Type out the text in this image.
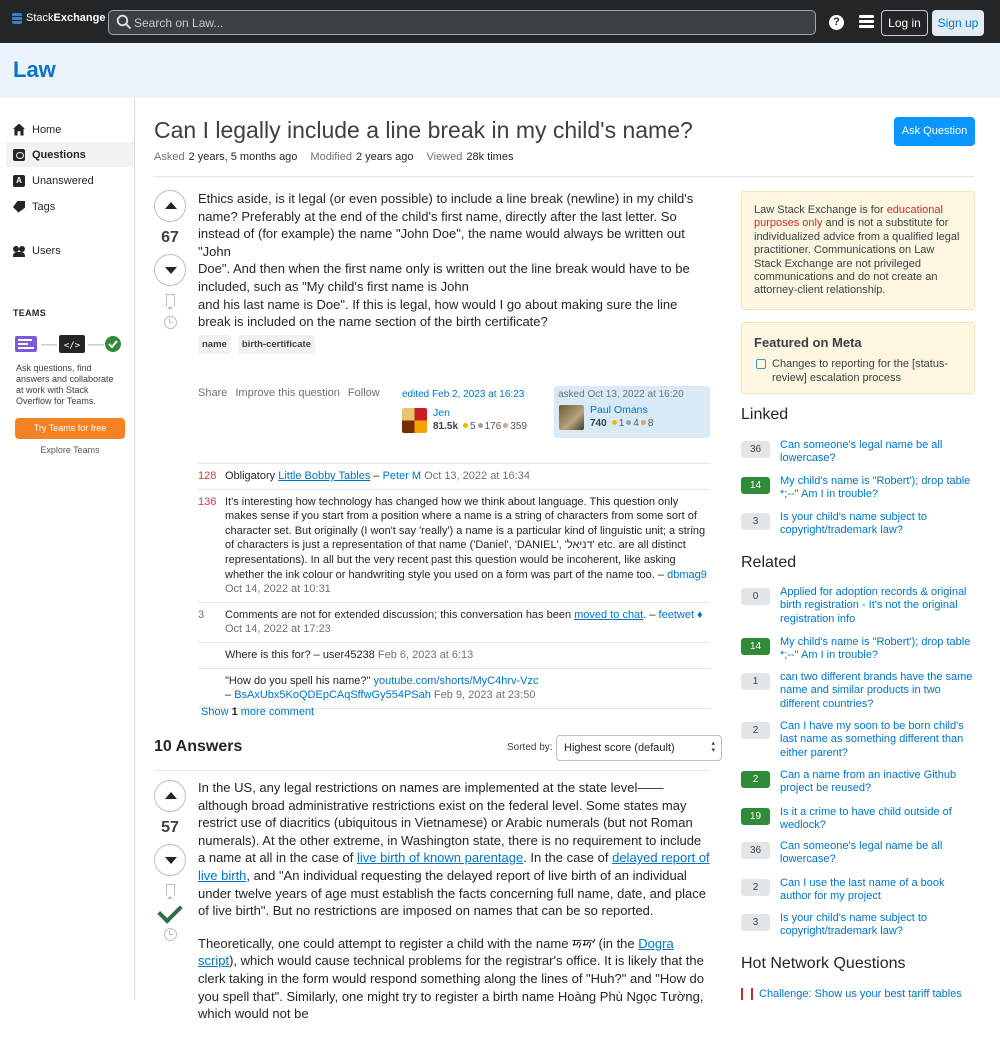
StackExchange
Search on Law...	?	Log in	Sign up
Law
Home
Questions
A Unanswered
Tags
Users
TEAMS
</>
Ask questions, find answers and collaborate at work with Stack Overflow for Teams.
Try Teams for free
Explore Teams
Can I legally include a line break in my child's name?	Ask Question
Asked 2 years, 5 months ago Modified 2 years ago Viewed 28k times
67

Ethics aside, is it legal (or even possible) to include a line break (newline) in my child's name? Preferably at the end of the child's first name, directly after the last letter. So instead of (for example) the name "John Doe", the name would always be written out "John

Doe". And then when the first name only is written out the line break would have to be included, such as "My child's first name is John

and his last name is Doe". If this is legal, how would I go about making sure the line break is included on the name section of the birth certificate?

name	birth-certificate
Share Improve this question Follow edited Feb 2, 2023 at 16:23
Jen
81.5k 5 176 359
asked Oct 13, 2022 at 16:20
Paul Omans
740 1 4 8
128 Obligatory Little Bobby Tables – Peter M Oct 13, 2022 at 16:34
136 It's interesting how technology has changed how we think about language. This question only makes sense if you start from a position where a name is a string of characters from some sort of character set. But originally (I won't say 'really') a name is a particular kind of linguistic unit; a string of characters is just a representation of that name ('Daniel', 'DANIEL', 'דניאל' etc. are all distinct representations). In all but the very recent past this question would be incoherent, like asking whether the ink colour or handwriting style you used on a form was part of the name too. – dbmag9
Oct 14, 2022 at 10:31
3	Comments are not for extended discussion; this conversation has been moved to chat. – feetwet ♦
Oct 14, 2022 at 17:23
Where is this for? – user45238 Feb 6, 2023 at 6:13
"How do you spell his name?" youtube.com/shorts/MyC4hrv-Vzc
– BsAxUbx5KoQDEpCAqSffwGy554PSah Feb 9, 2023 at 23:50
Show 1 more comment
10 Answers	Sorted by:	Highest score (default) ▴ ▾
57

In the US, any legal restrictions on names are implemented at the state level——although broad administrative restrictions exist on the federal level. Some states may restrict use of diacritics (ubiquitous in Vietnamese) or Arabic numerals (but not Roman numerals). At the other extreme, in Washington state, there is no requirement to include a name at all in the case of live birth of known parentage. In the case of delayed report of live birth, and "An individual requesting the delayed report of live birth of an individual under twelve years of age must establish the facts concerning full name, date, and place of live birth". But no restrictions are imposed on names that can be so reported.

Theoretically, one could attempt to register a child with the name 𑠀𑠁 (in the Dogra script), which would cause technical problems for the registrar's office. It is likely that the clerk taking in the form would respond something along the lines of "Huh?" and "How do you spell that". Similarly, one might try to register a birth name Hoàng Phù Ngọc Tường, which would not be

Law Stack Exchange is for educational purposes only and is not a substitute for individualized advice from a qualified legal practitioner. Communications on Law Stack Exchange are not privileged communications and do not create an attorney-client relationship.
Featured on Meta
Changes to reporting for the [status-review] escalation process
Linked
36	Can someone's legal name be all lowercase?
14	My child's name is "Robert'); drop table *;--" Am I in trouble?
3	Is your child's name subject to copyright/trademark law?
Related
0	Applied for adoption records & original birth registration - It's not the original registration info
14	My child's name is "Robert'); drop table *;--" Am I in trouble?
1	can two different brands have the same name and similar products in two different countries?
2	Can I have my soon to be born child's last name as something different than either parent?
2	Can a name from an inactive Github project be reused?
19	Is it a crime to have child outside of wedlock?
36	Can someone's legal name be all lowercase?
2	Can I use the last name of a book author for my project
3	Is your child's name subject to copyright/trademark law?
Hot Network Questions
Challenge: Show us your best tariff tables
